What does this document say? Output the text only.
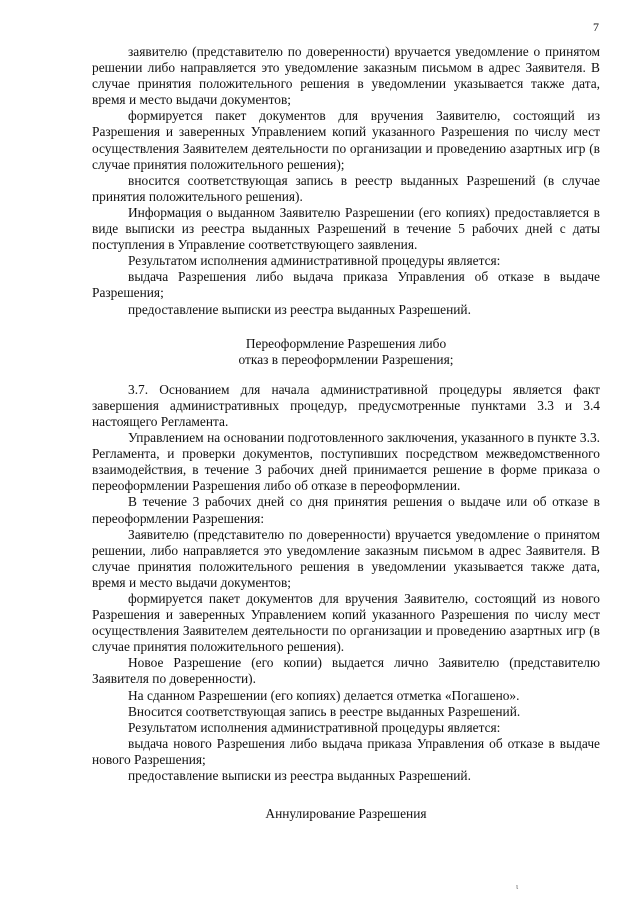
7

заявителю (представителю по доверенности) вручается уведомление о принятом решении либо направляется это уведомление заказным письмом в адрес Заявителя. В случае принятия положительного решения в уведомлении указывается также дата, время и место выдачи документов;

формируется пакет документов для вручения Заявителю, состоящий из Разрешения и заверенных Управлением копий указанного Разрешения по числу мест осуществления Заявителем деятельности по организации и проведению азартных игр (в случае принятия положительного решения);

вносится соответствующая запись в реестр выданных Разрешений (в случае принятия положительного решения).

Информация о выданном Заявителю Разрешении (его копиях) предоставляется в виде выписки из реестра выданных Разрешений в течение 5 рабочих дней с даты поступления в Управление соответствующего заявления.

Результатом исполнения административной процедуры является:

выдача Разрешения либо выдача приказа Управления об отказе в выдаче Разрешения;

предоставление выписки из реестра выданных Разрешений.

Переоформление Разрешения либо
отказ в переоформлении Разрешения;

3.7. Основанием для начала административной процедуры является факт завершения административных процедур, предусмотренные пунктами 3.3 и 3.4 настоящего Регламента.

Управлением на основании подготовленного заключения, указанного в пункте 3.3. Регламента, и проверки документов, поступивших посредством межведомственного взаимодействия, в течение 3 рабочих дней принимается решение в форме приказа о переоформлении Разрешения либо об отказе в переоформлении.

В течение 3 рабочих дней со дня принятия решения о выдаче или об отказе в переоформлении Разрешения:

Заявителю (представителю по доверенности) вручается уведомление о принятом решении, либо направляется это уведомление заказным письмом в адрес Заявителя. В случае принятия положительного решения в уведомлении указывается также дата, время и место выдачи документов;

формируется пакет документов для вручения Заявителю, состоящий из нового Разрешения и заверенных Управлением копий указанного Разрешения по числу мест осуществления Заявителем деятельности по организации и проведению азартных игр (в случае принятия положительного решения).

Новое Разрешение (его копии) выдается лично Заявителю (представителю Заявителя по доверенности).

На сданном Разрешении (его копиях) делается отметка «Погашено».

Вносится соответствующая запись в реестре выданных Разрешений.

Результатом исполнения административной процедуры является:

выдача нового Разрешения либо выдача приказа Управления об отказе в выдаче нового Разрешения;

предоставление выписки из реестра выданных Разрешений.

Аннулирование Разрешения
ι
